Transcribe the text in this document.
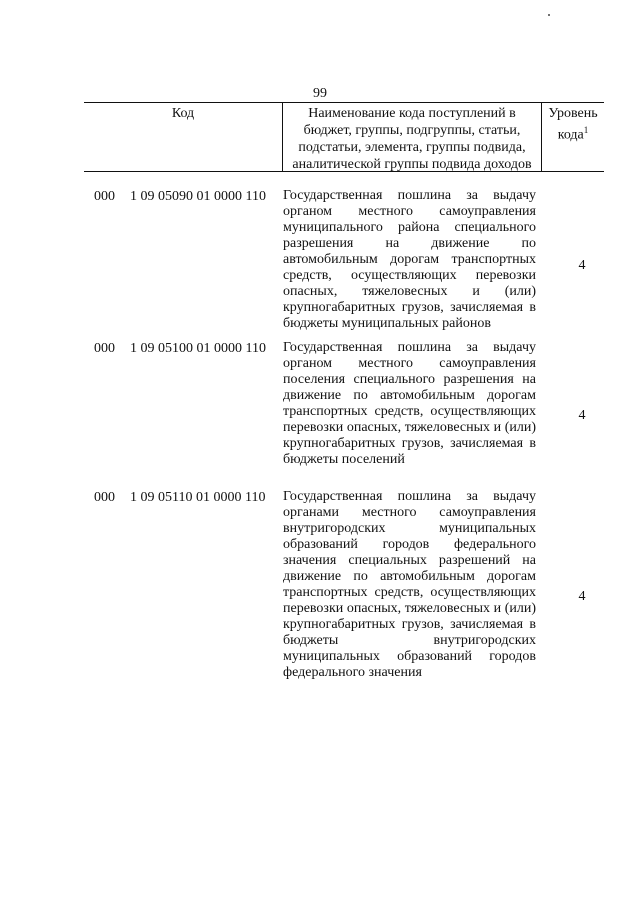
99
Код	Наименование кода поступлений в бюджет, группы, подгруппы, статьи, подстатьи, элемента, группы подвида, аналитической группы подвида доходов
Уровень кода$^1$
000 1 09 05090 01 0000 110 Государственная пошлина за выдачу органом местного самоуправления муниципального района специального разрешения на движение по автомобильным дорогам транспортных средств, осуществляющих перевозки опасных, тяжеловесных и (или) крупногабаритных грузов, зачисляемая в бюджеты муниципальных районов
4
000 1 09 05100 01 0000 110 Государственная пошлина за выдачу органом местного самоуправления поселения специального разрешения на движение по автомобильным дорогам транспортных средств, осуществляющих перевозки опасных, тяжеловесных и (или) крупногабаритных грузов, зачисляемая в бюджеты поселений
4
000 1 09 05110 01 0000 110 Государственная пошлина за выдачу органами местного самоуправления внутригородских муниципальных образований городов федерального значения специальных разрешений на движение по автомобильным дорогам транспортных средств, осуществляющих перевозки опасных, тяжеловесных и (или) крупногабаритных грузов, зачисляемая в бюджеты внутригородских муниципальных образований городов федерального значения
4
